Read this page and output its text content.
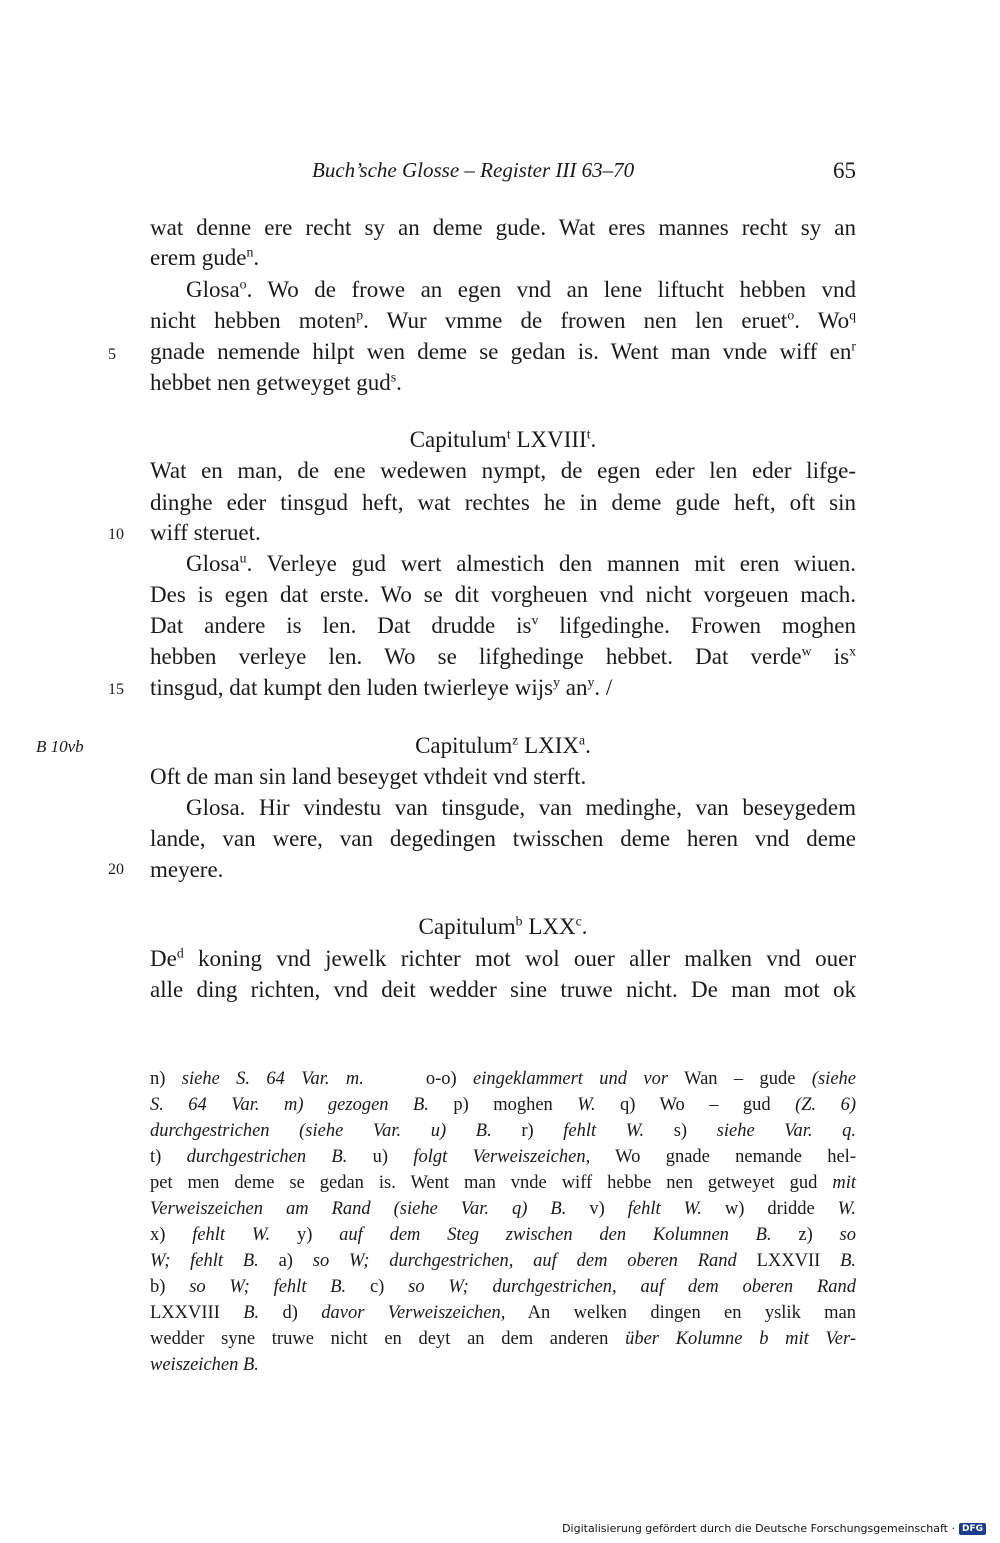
Buch’sche Glosse – Register III 63–70	65
B 10vb
5
10
15
20
wat denne ere recht sy an deme gude. Wat eres mannes recht sy an
erem gude$^n$.
Glosa$^o$. Wo de frowe an egen vnd an lene liftucht hebben vnd
nicht hebben moten$^p$. Wur vmme de frowen nen len eruet$^o$. Wo$^q$
gnade nemende hilpt wen deme se gedan is. Went man vnde wiff $en^r$
hebbet nen getweyget gud$^s$.
Capitulum$^t$ LXVIII$^t$.
Wat en man, de ene wedewen nympt, de egen eder len eder lifge-
dinghe eder tinsgud heft, wat rechtes he in deme gude heft, oft sin
wiff steruet.
Glosa$^u$. Verleye gud wert almestich den mannen mit eren wiuen.
Des is egen dat erste. Wo se dit vorgheuen vnd nicht vorgeuen mach.
Dat andere is len. Dat drudde $is^v$ lifgedinghe. Frowen moghen
hebben verleye len. Wo se lifghedinge hebbet. Dat verde$^w$ $is^x$
tinsgud, dat kumpt den luden twierleye wijs$^y$ $an^y$. /
Capitulum$^z$ LXIX$^a$.
Oft de man sin land beseyget vthdeit vnd sterft.
Glosa. Hir vindestu van tinsgude, van medinghe, van beseygedem
lande, van were, van degedingen twisschen deme heren vnd deme
meyere.
Capitulum$^b$ LXX$^c$.
De$^d$ koning vnd jewelk richter mot wol ouer aller malken vnd ouer
alle ding richten, vnd deit wedder sine truwe nicht. De man mot ok
n) siehe S. 64 Var. m.	o-o) eingeklammert und vor Wan – gude (siehe
S. 64 Var. m) gezogen B. p) moghen W. q) Wo – gud (Z. 6)
durchgestrichen (siehe Var. u) B. r) fehlt W. s) siehe Var. q.
t) durchgestrichen B. u) folgt Verweiszeichen, Wo gnade nemande hel-
pet men deme se gedan is. Went man vnde wiff hebbe nen getweyet gud mit
Verweiszeichen am Rand (siehe Var. q) B. v) fehlt W. w) dridde W.
x) fehlt W. y) auf dem Steg zwischen den Kolumnen B. z) so
W; fehlt B. a) so W; durchgestrichen, auf dem oberen Rand LXXVII B.
b) so W; fehlt B. c) so W; durchgestrichen, auf dem oberen Rand
LXXVIII B. d) davor Verweiszeichen, An welken dingen en yslik man
wedder syne truwe nicht en deyt an dem anderen über Kolumne b mit Ver-
weiszeichen B.
Digitalisierung gefördert durch die Deutsche Forschungsgemeinschaft · DFG
